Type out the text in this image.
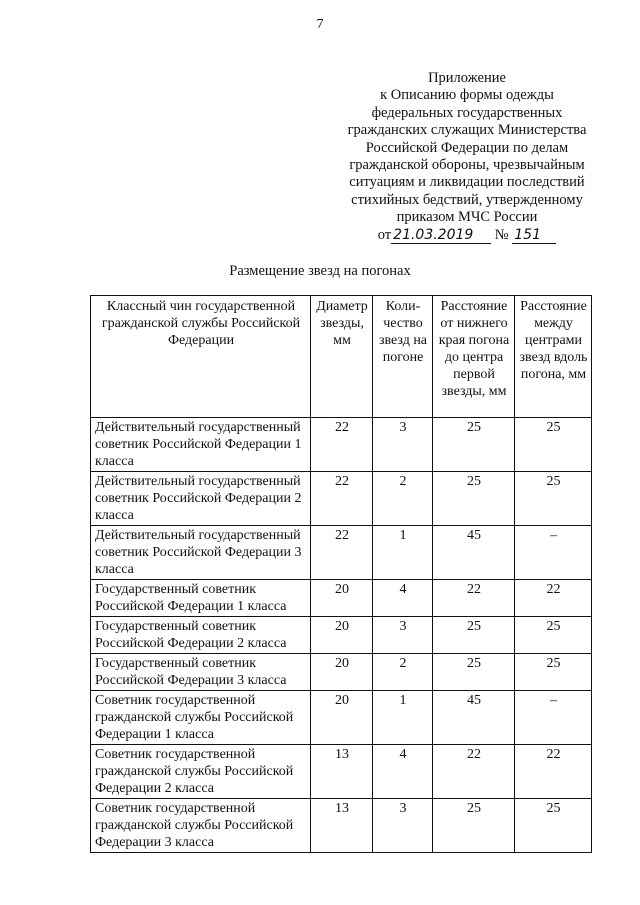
7
Приложение
к Описанию формы одежды
федеральных государственных
гражданских служащих Министерства
Российской Федерации по делам
гражданской обороны, чрезвычайным
ситуациям и ликвидации последствий
стихийных бедствий, утвержденному
приказом МЧС России
от 21.03.2019 № 151
Размещение звезд на погонах
Классный чин государственной гражданской службы Российской Федерации	Диаметр звезды, мм	Коли-чество звезд на погоне	Расстояние от нижнего края погона до центра первой звезды, мм	Расстояние между центрами звезд вдоль погона, мм
Действительный государственный советник Российской Федерации 1 класса	22	3	25	25
Действительный государственный советник Российской Федерации 2 класса	22	2	25	25
Действительный государственный советник Российской Федерации 3 класса	22	1	45	–
Государственный советник Российской Федерации 1 класса	20	4	22	22
Государственный советник Российской Федерации 2 класса	20	3	25	25
Государственный советник Российской Федерации 3 класса	20	2	25	25
Советник государственной гражданской службы Российской Федерации 1 класса	20	1	45	–
Советник государственной гражданской службы Российской Федерации 2 класса	13	4	22	22
Советник государственной гражданской службы Российской Федерации 3 класса	13	3	25	25
